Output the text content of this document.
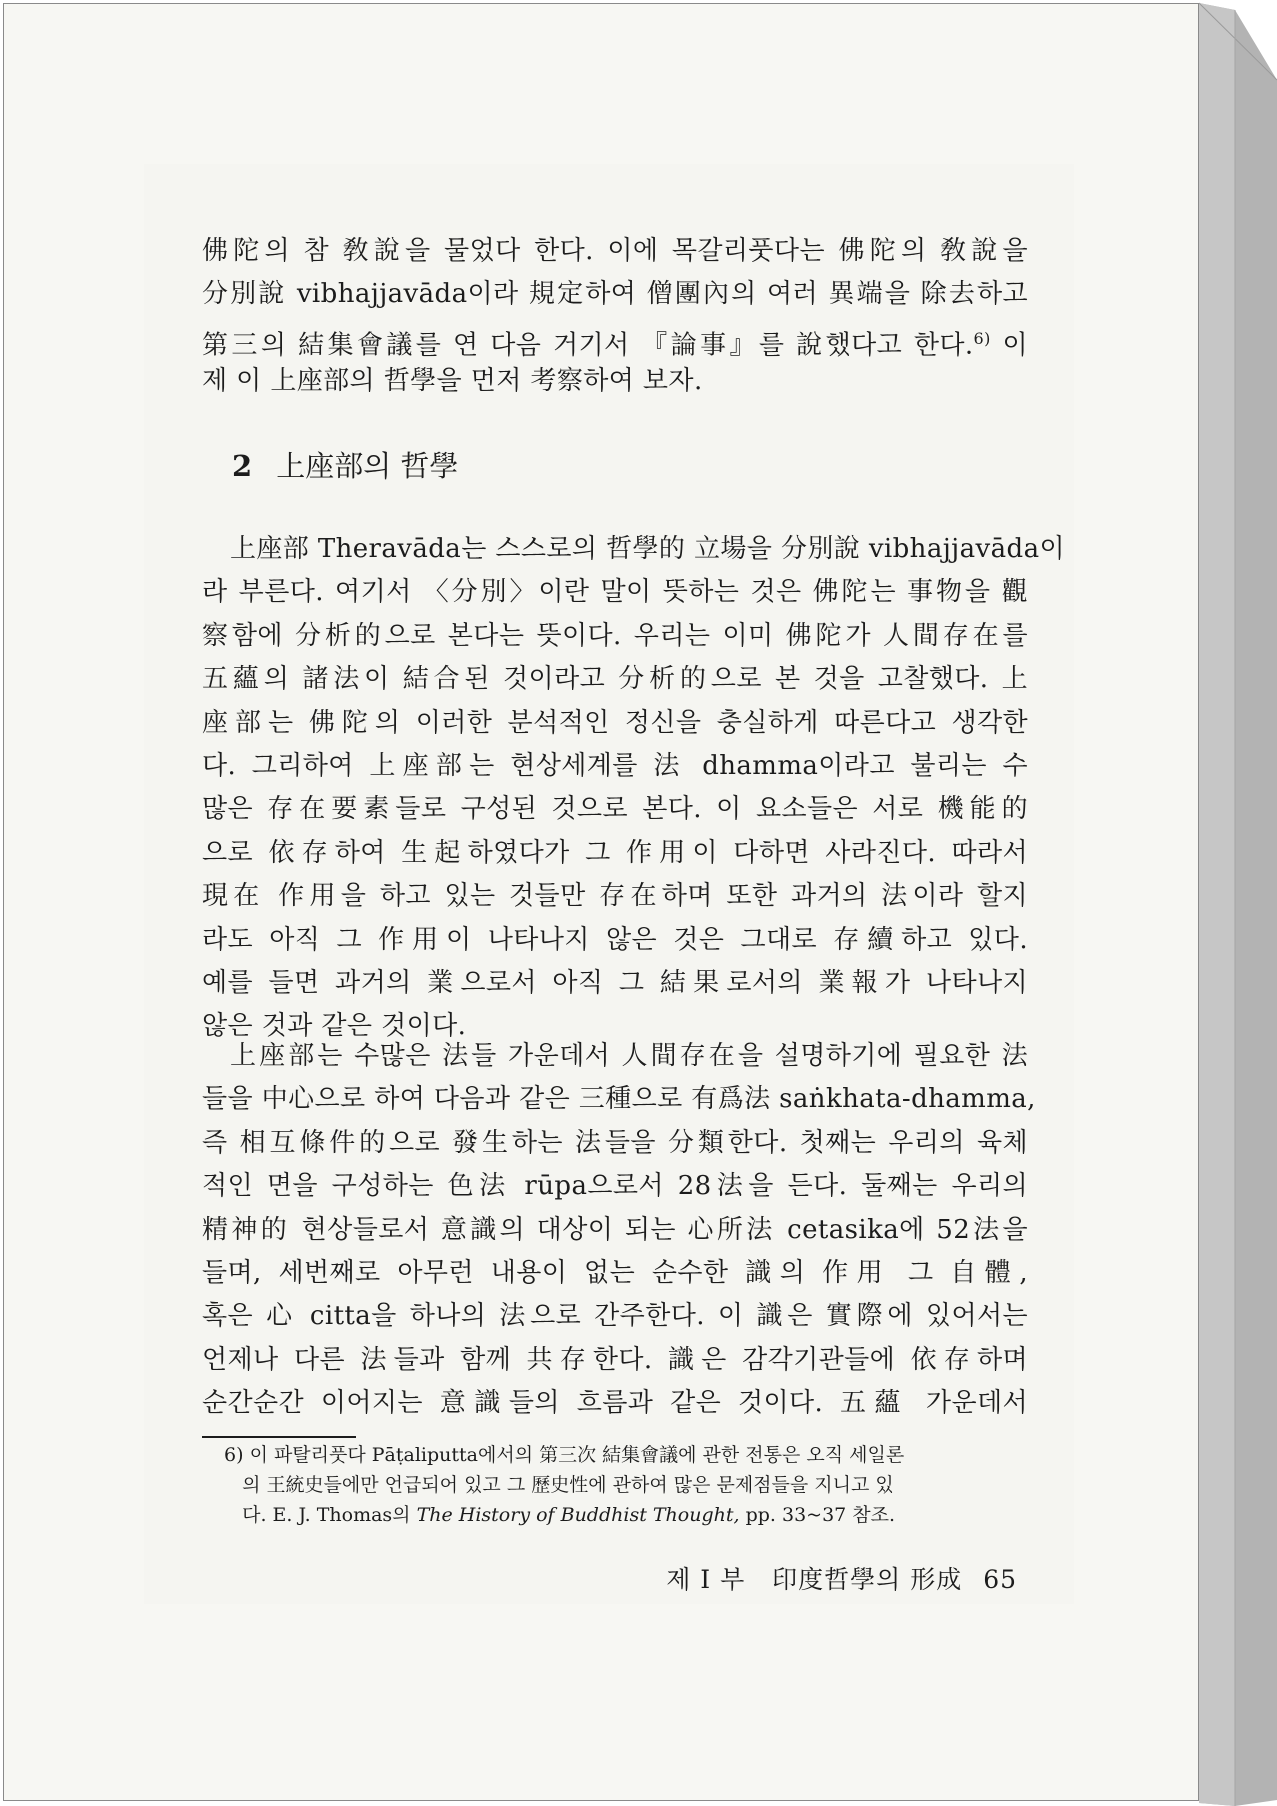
佛陀의 참 敎說을 물었다 한다. 이에 목갈리풋다는 佛陀의 敎說을
分別說 vibhajjavāda이라 規定하여 僧團內의 여러 異端을 除去하고
第三의 結集會議를 연 다음 거기서 『論事』를 說했다고 한다.$^{6)}$ 이
제 이 上座部의 哲學을 먼저 考察하여 보자.
2 上座部의 哲學
上座部 Theravāda는 스스로의 哲學的 立場을 分別說 vibhajjavāda이
라 부른다. 여기서 〈分別〉이란 말이 뜻하는 것은 佛陀는 事物을 觀
察함에 分析的으로 본다는 뜻이다. 우리는 이미 佛陀가 人間存在를
五蘊의 諸法이 結合된 것이라고 分析的으로 본 것을 고찰했다. 上
座部는 佛陀의 이러한 분석적인 정신을 충실하게 따른다고 생각한
다. 그리하여 上座部는 현상세계를 法 dhamma이라고 불리는 수
많은 存在要素들로 구성된 것으로 본다. 이 요소들은 서로 機能的
으로 依存하여 生起하였다가 그 作用이 다하면 사라진다. 따라서
現在 作用을 하고 있는 것들만 存在하며 또한 과거의 法이라 할지
라도 아직 그 作用이 나타나지 않은 것은 그대로 存續하고 있다.
예를 들면 과거의 業으로서 아직 그 結果로서의 業報가 나타나지
않은 것과 같은 것이다.
上座部는 수많은 法들 가운데서 人間存在을 설명하기에 필요한 法
들을 中心으로 하여 다음과 같은 三種으로 有爲法 saṅkhata-dhamma,
즉 相互條件的으로 發生하는 法들을 分類한다. 첫째는 우리의 육체
적인 면을 구성하는 色法 rūpa으로서 28法을 든다. 둘째는 우리의
精神的 현상들로서 意識의 대상이 되는 心所法 cetasika에 52法을
들며, 세번째로 아무런 내용이 없는 순수한 識의 作用 그 自體,
혹은 心 citta을 하나의 法으로 간주한다. 이 識은 實際에 있어서는
언제나 다른 法들과 함께 共存한다. 識은 감각기관들에 依存하며
순간순간 이어지는 意識들의 흐름과 같은 것이다. 五蘊 가운데서
6) 이 파탈리풋다 Pāṭaliputta에서의 第三次 結集會議에 관한 전통은 오직 세일론
의 王統史들에만 언급되어 있고 그 歷史性에 관하여 많은 문제점들을 지니고 있
다. E. J. Thomas의 The History of Buddhist Thought, pp. 33~37 참조.
제 I 부 印度哲學의 形成 65
